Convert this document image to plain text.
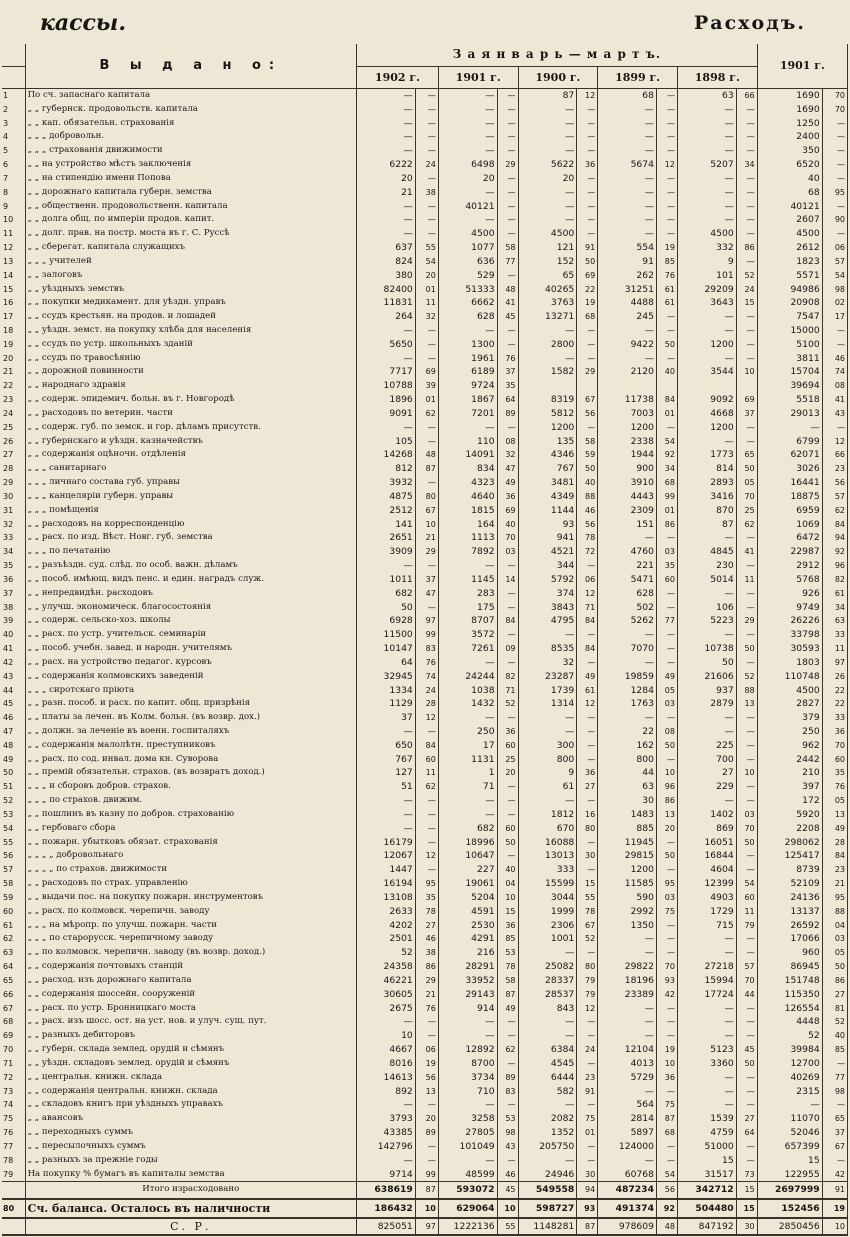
кассы.	Расходъ.
	В ы д а н о:	З а я н в а р ь — м а р т ъ.										1901 г.	
		1902 г.		1901 г.		1900 г.		1899 г.		1898 г.			
1	По сч. запаснаго капитала	—	—	—	—	87	12	68	—	63	66	1690	70
2	„ „ губернск. продовольств. капитала	—	—	—	—	—	—	—	—	—	—	1690	70
3	„ „ кап. обязательн. страхованія	—	—	—	—	—	—	—	—	—	—	1250	—
4	„ „ „ добровольн.	—	—	—	—	—	—	—	—	—	—	2400	—
5	„ „ „ страхованія движимости	—	—	—	—	—	—	—	—	—	—	350	—
6	„ „ на устройство мѣстъ заключенія	6222	24	6498	29	5622	36	5674	12	5207	34	6520	—
7	„ „ на стипендію имени Попова	20	—	20	—	20	—	—	—	—	—	40	—
8	„ „ дорожнаго капитала губерн. земства	21	38	—	—	—	—	—	—	—	—	68	95
9	„ „ общественн. продовольственн. капитала	—	—	40121	—	—	—	—	—	—	—	40121	—
10	„ „ долга общ. по имперіи продов. капит.	—	—	—	—	—	—	—	—	—	—	2607	90
11	„ „ долг. прав. на постр. моста въ г. С. Руссѣ	—	—	4500	—	4500	—	—	—	4500	—	4500	—
12	„ „ сберегат. капитала служащихъ	637	55	1077	58	121	91	554	19	332	86	2612	06
13	„ „ „ учителей	824	54	636	77	152	50	91	85	9	—	1823	57
14	„ „ залоговъ	380	20	529	—	65	69	262	76	101	52	5571	54
15	„ „ уѣздныхъ земствъ	82400	01	51333	48	40265	22	31251	61	29209	24	94986	98
16	„ „ покупки медикамент. для уѣздн. управъ	11831	11	6662	41	3763	19	4488	61	3643	15	20908	02
17	„ „ ссудъ крестьян. на продов. и лошадей	264	32	628	45	13271	68	245	—	—	—	7547	17
18	„ „ уѣздн. земст. на покупку хлѣба для населенія	—	—	—	—	—	—	—	—	—	—	15000	—
19	„ „ ссудъ по устр. школьныхъ зданій	5650	—	1300	—	2800	—	9422	50	1200	—	5100	—
20	„ „ ссудъ по травосѣянію	—	—	1961	76	—	—	—	—	—	—	3811	46
21	„ „ дорожной повинности	7717	69	6189	37	1582	29	2120	40	3544	10	15704	74
22	„ „ народнаго здравія	10788	39	9724	35							39694	08
23	„ „ содерж. эпидемич. больн. въ г. Новгородѣ	1896	01	1867	64	8319	67	11738	84	9092	69	5518	41
24	„ „ расходовъ по ветерин. части	9091	62	7201	89	5812	56	7003	01	4668	37	29013	43
25	„ „ содерж. губ. по земск. и гор. дѣламъ присутств.	—	—	—	—	1200	—	1200	—	1200	—	—	—
26	„ „ губернскаго и уѣздн. казначействъ	105	—	110	08	135	58	2338	54	—	—	6799	12
27	„ „ содержанія оцѣночн. отдѣленія	14268	48	14091	32	4346	59	1944	92	1773	65	62071	66
28	„ „ „ санитарнаго	812	87	834	47	767	50	900	34	814	50	3026	23
29	„ „ „ личнаго состава губ. управы	3932	—	4323	49	3481	40	3910	68	2893	05	16441	56
30	„ „ „ канцеляріи губерн. управы	4875	80	4640	36	4349	88	4443	99	3416	70	18875	57
31	„ „ „ помѣщенія	2512	67	1815	69	1144	46	2309	01	870	25	6959	62
32	„ „ расходовъ на корреспонденцію	141	10	164	40	93	56	151	86	87	62	1069	84
33	„ „ расх. по изд. Вѣст. Новг. губ. земства	2651	21	1113	70	941	78	—	—	—	—	6472	94
34	„ „ „ по печатанію	3909	29	7892	03	4521	72	4760	03	4845	41	22987	92
35	„ „ разъѣздн. суд. слѣд. по особ. важн. дѣламъ	—	—	—	—	344	—	221	35	230	—	2912	96
36	„ „ пособ. имѣющ. видъ пенс. и един. наградъ служ.	1011	37	1145	14	5792	06	5471	60	5014	11	5768	82
37	„ „ непредвидѣн. расходовъ	682	47	283	—	374	12	628	—	—	—	926	61
38	„ „ улучш. экономическ. благосостоянія	50	—	175	—	3843	71	502	—	106	—	9749	34
39	„ „ содерж. сельско-хоз. школы	6928	97	8707	84	4795	84	5262	77	5223	29	26226	63
40	„ „ расх. по устр. учительск. семинаріи	11500	99	3572	—	—	—	—	—	—	—	33798	33
41	„ „ пособ. учебн. завед. и народн. учителямъ	10147	83	7261	09	8535	84	7070	—	10738	50	30593	11
42	„ „ расх. на устройство педагог. курсовъ	64	76	—	—	32	—	—	—	50	—	1803	97
43	„ „ содержанія колмовскихъ заведеній	32945	74	24244	82	23287	49	19859	49	21606	52	110748	26
44	„ „ „ сиротскаго пріюта	1334	24	1038	71	1739	61	1284	05	937	88	4500	22
45	„ „ разн. пособ. и расх. по капит. общ. призрѣнія	1129	28	1432	52	1314	12	1763	03	2879	13	2827	22
46	„ „ платы за лечен. въ Колм. больн. (въ возвр. дох.)	37	12	—	—	—	—	—	—	—	—	379	33
47	„ „ должн. за леченіе въ военн. госпиталяхъ	—	—	250	36	—	—	22	08	—	—	250	36
48	„ „ содержанія малолѣтн. преступниковъ	650	84	17	60	300	—	162	50	225	—	962	70
49	„ „ расх. по сод. инвал. дома кн. Суворова	767	60	1131	25	800	—	800	—	700	—	2442	60
50	„ „ премій обязательн. страхов. (въ возвратъ доход.)	127	11	1	20	9	36	44	10	27	10	210	35
51	„ „ „ и сборовъ добров. страхов.	51	62	71	—	61	27	63	96	229	—	397	76
52	„ „ „ по страхов. движим.	—	—	—	—	—	—	30	86	—	—	172	05
53	„ „ пошлинъ въ казну по добров. страхованію	—	—	—	—	1812	16	1483	13	1402	03	5920	13
54	„ „ гербоваго сбора	—	—	682	60	670	80	885	20	869	70	2208	49
55	„ „ пожарн. убытковъ обязат. страхованія	16179	—	18996	50	16088	—	11945	—	16051	50	298062	28
56	„ „ „ „ добровольнаго	12067	12	10647	—	13013	30	29815	50	16844	—	125417	84
57	„ „ „ „ по страхов. движимости	1447	—	227	40	333	—	1200	—	4604	—	8739	23
58	„ „ расходовъ по страх. управленію	16194	95	19061	04	15599	15	11585	95	12399	54	52109	21
59	„ „ выдачи пос. на покупку пожарн. инструментовъ	13108	35	5204	10	3044	55	590	03	4903	60	24136	95
60	„ „ расх. по колмовск. черепичн. заводу	2633	78	4591	15	1999	78	2992	75	1729	11	13137	88
61	„ „ „ на мѣропр. по улучш. пожарн. части	4202	27	2530	36	2306	67	1350	—	715	79	26592	04
62	„ „ „ по старорусск. черепичному заводу	2501	46	4291	85	1001	52	—	—	—	—	17066	03
63	„ „ по колмовск. черепичн. заводу (въ возвр. доход.)	52	38	216	53	—	—	—	—	—	—	960	05
64	„ „ содержанія почтовыхъ станцій	24358	86	28291	78	25082	80	29822	70	27218	57	86945	50
65	„ „ расход. изъ дорожнаго капитала	46221	29	33952	58	28337	79	18196	93	15994	70	151748	86
66	„ „ содержанія шоссейн. сооруженій	30605	21	29143	87	28537	79	23389	42	17724	44	115350	27
67	„ „ расх. по устр. Бронницкаго моста	2675	76	914	49	843	12	—	—	—	—	126554	81
68	„ „ расх. изъ шосс. ост. на уст. нов. и улуч. сущ. пут.	—	—	—	—	—	—	—	—	—	—	4448	52
69	„ „ разныхъ дебиторовъ	10	—	—	—	—	—	—	—	—	—	52	40
70	„ „ губерн. склада землед. орудій и сѣмянъ	4667	06	12892	62	6384	24	12104	19	5123	45	39984	85
71	„ „ уѣздн. складовъ землед. орудій и сѣмянъ	8016	19	8700	—	4545	—	4013	10	3360	50	12700	—
72	„ „ центральн. книжн. склада	14613	56	3734	89	6444	23	5729	36	—	—	40269	77
73	„ „ содержанія центральн. книжн. склада	892	13	710	83	582	91	—	—	—	—	2315	98
74	„ „ складовъ книгъ при уѣздныхъ управахъ	—	—	—	—	—	—	564	75	—	—	—	—
75	„ „ авансовъ	3793	20	3258	53	2082	75	2814	87	1539	27	11070	65
76	„ „ переходныхъ суммъ	43385	89	27805	98	1352	01	5897	68	4759	64	52046	37
77	„ „ пересылочныхъ суммъ	142796	—	101049	43	205750	—	124000	—	51000	—	657399	67
78	„ „ разныхъ за прежніе годы	—	—	—	—	—	—	—	—	15	—	15	—
79	На покупку % бумагъ въ капиталы земства	9714	99	48599	46	24946	30	60768	54	31517	73	122955	42
	Итого израсходовано	638619	87	593072	45	549558	94	487234	56	342712	15	2697999	91
80	Сч. баланса. Осталось въ наличности	186432	10	629064	10	598727	93	491374	92	504480	15	152456	19
	С. Р.	825051	97	1222136	55	1148281	87	978609	48	847192	30	2850456	10
